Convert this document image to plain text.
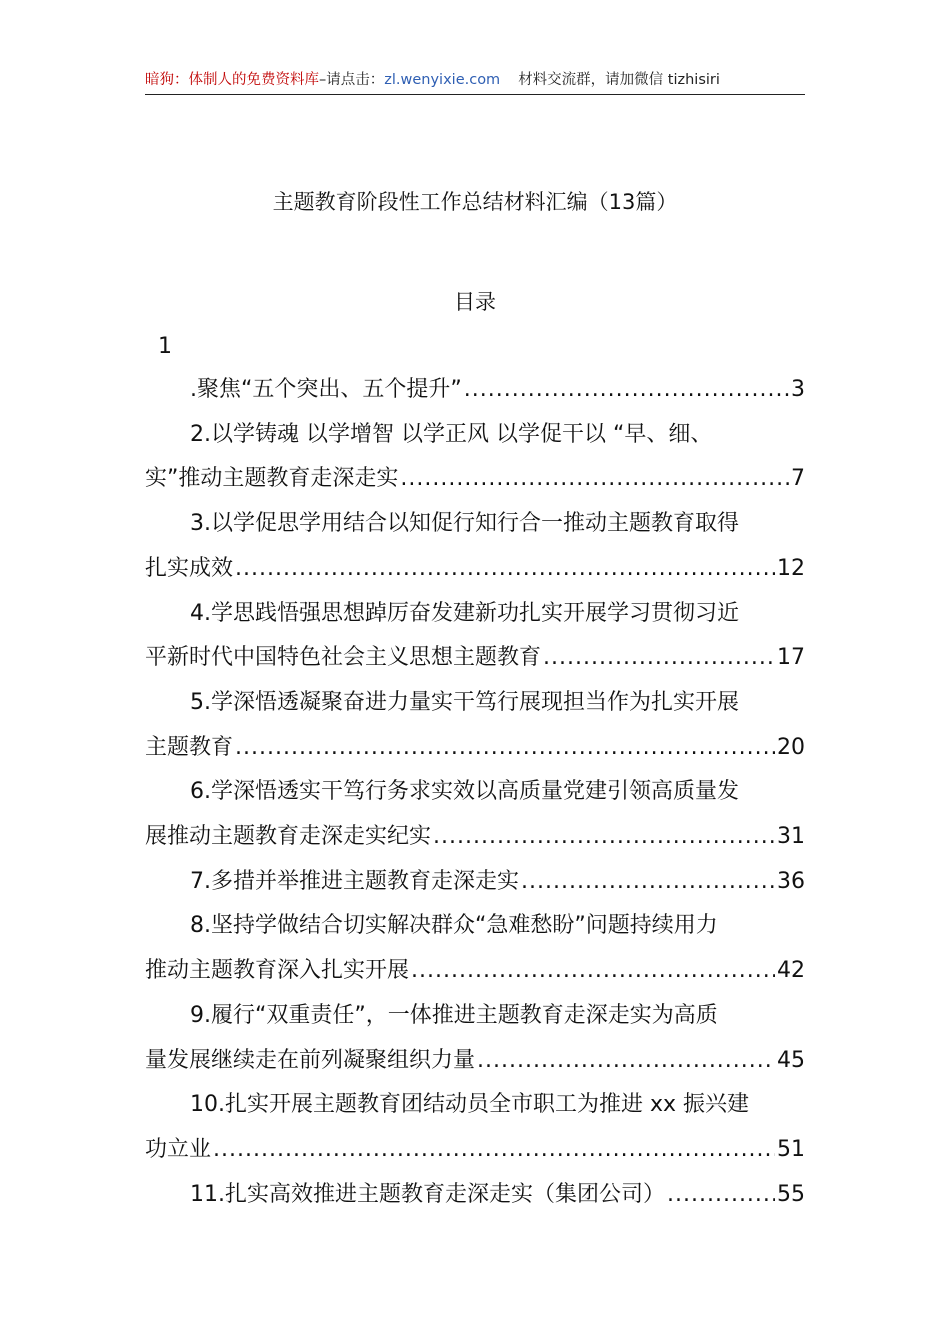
暗狗：体制人的免费资料库–请点击：zl.wenyixie.com 材料交流群，请加微信 tizhisiri
主题教育阶段性工作总结材料汇编（13篇）
目录
1
.聚焦“五个突出、五个提升” .....	3
2.以学铸魂 以学增智 以学正风 以学促干以 “早、细、
实”推动主题教育走深走实 .....	7
3.以学促思学用结合以知促行知行合一推动主题教育取得
扎实成效 .....	12
4.学思践悟强思想踔厉奋发建新功扎实开展学习贯彻习近
平新时代中国特色社会主义思想主题教育 .....	17
5.学深悟透凝聚奋进力量实干笃行展现担当作为扎实开展
主题教育 .....	20
6.学深悟透实干笃行务求实效以高质量党建引领高质量发
展推动主题教育走深走实纪实 .....	31
7.多措并举推进主题教育走深走实 .....	36
8.坚持学做结合切实解决群众“急难愁盼”问题持续用力
推动主题教育深入扎实开展 .....	42
9.履行“双重责任”，一体推进主题教育走深走实为高质
量发展继续走在前列凝聚组织力量 .....	45
10.扎实开展主题教育团结动员全市职工为推进 xx 振兴建
功立业 .....	51
11.扎实高效推进主题教育走深走实（集团公司） .....	55
